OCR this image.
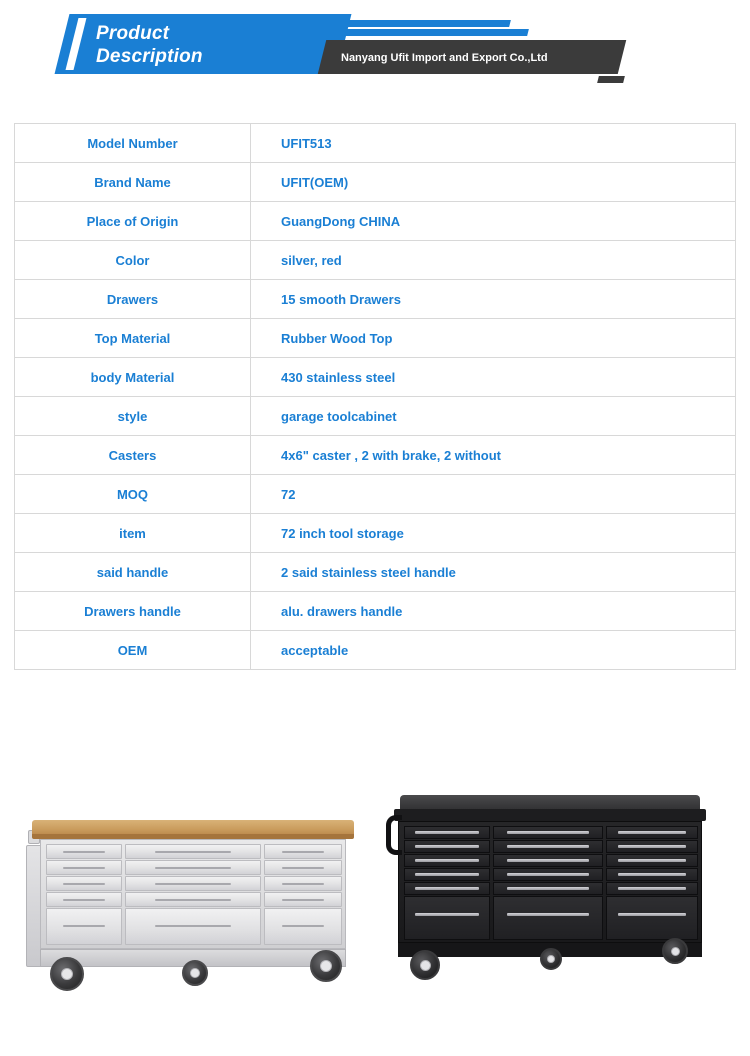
Product
Description	Nanyang Ufit Import and Export Co.,Ltd
Model Number	UFIT513
Brand Name	UFIT(OEM)
Place of Origin	GuangDong CHINA
Color	silver, red
Drawers	15 smooth Drawers
Top Material	Rubber Wood Top
body Material	430 stainless steel
style	garage toolcabinet
Casters	4x6" caster , 2 with brake, 2 without
MOQ	72
item	72 inch tool storage
said handle	2 said stainless steel handle
Drawers handle	alu. drawers handle
OEM	acceptable
